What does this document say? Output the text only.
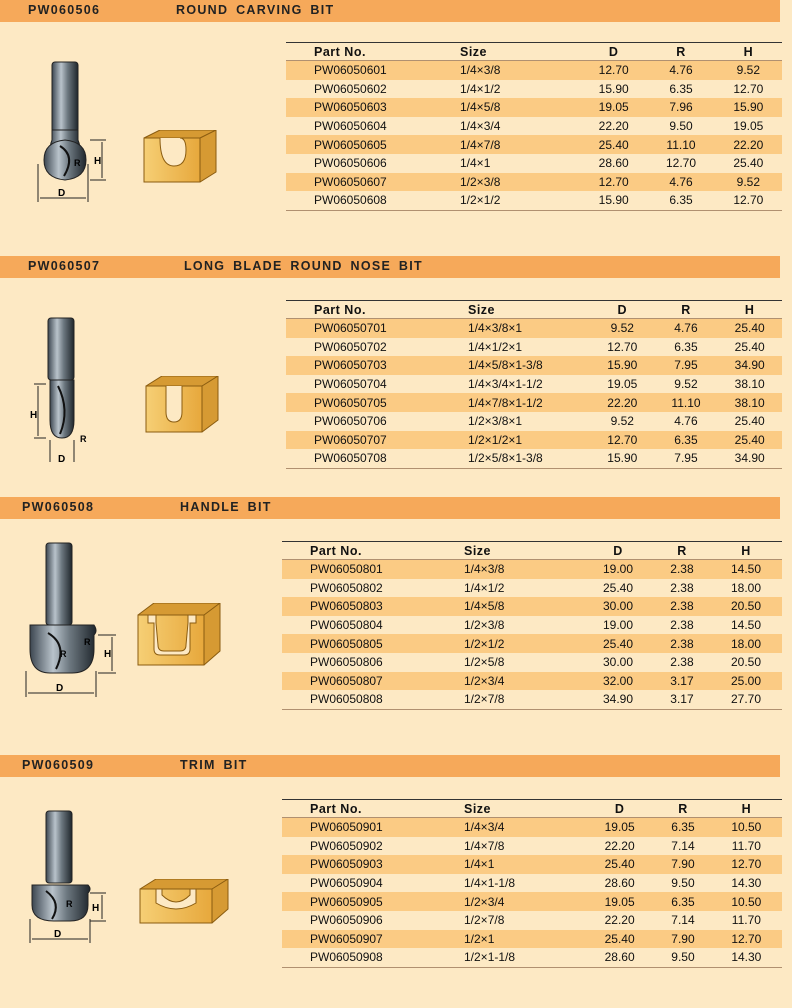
PW060506	ROUND CARVING BIT
D
H
R
Part No.	Size	D	R	H
PW06050601	1/4×3/8	12.70	4.76	9.52
PW06050602	1/4×1/2	15.90	6.35	12.70
PW06050603	1/4×5/8	19.05	7.96	15.90
PW06050604	1/4×3/4	22.20	9.50	19.05
PW06050605	1/4×7/8	25.40	11.10	22.20
PW06050606	1/4×1	28.60	12.70	25.40
PW06050607	1/2×3/8	12.70	4.76	9.52
PW06050608	1/2×1/2	15.90	6.35	12.70
PW060507	LONG BLADE ROUND NOSE BIT
H
R
D
Part No.	Size	D	R	H
PW06050701	1/4×3/8×1	9.52	4.76	25.40
PW06050702	1/4×1/2×1	12.70	6.35	25.40
PW06050703	1/4×5/8×1-3/8	15.90	7.95	34.90
PW06050704	1/4×3/4×1-1/2	19.05	9.52	38.10
PW06050705	1/4×7/8×1-1/2	22.20	11.10	38.10
PW06050706	1/2×3/8×1	9.52	4.76	25.40
PW06050707	1/2×1/2×1	12.70	6.35	25.40
PW06050708	1/2×5/8×1-3/8	15.90	7.95	34.90
PW060508	HANDLE BIT
R
R
H
D
Part No.	Size	D	R	H
PW06050801	1/4×3/8	19.00	2.38	14.50
PW06050802	1/4×1/2	25.40	2.38	18.00
PW06050803	1/4×5/8	30.00	2.38	20.50
PW06050804	1/2×3/8	19.00	2.38	14.50
PW06050805	1/2×1/2	25.40	2.38	18.00
PW06050806	1/2×5/8	30.00	2.38	20.50
PW06050807	1/2×3/4	32.00	3.17	25.00
PW06050808	1/2×7/8	34.90	3.17	27.70
PW060509	TRIM BIT
R H
D
Part No.	Size	D	R	H
PW06050901	1/4×3/4	19.05	6.35	10.50
PW06050902	1/4×7/8	22.20	7.14	11.70
PW06050903	1/4×1	25.40	7.90	12.70
PW06050904	1/4×1-1/8	28.60	9.50	14.30
PW06050905	1/2×3/4	19.05	6.35	10.50
PW06050906	1/2×7/8	22.20	7.14	11.70
PW06050907	1/2×1	25.40	7.90	12.70
PW06050908	1/2×1-1/8	28.60	9.50	14.30
